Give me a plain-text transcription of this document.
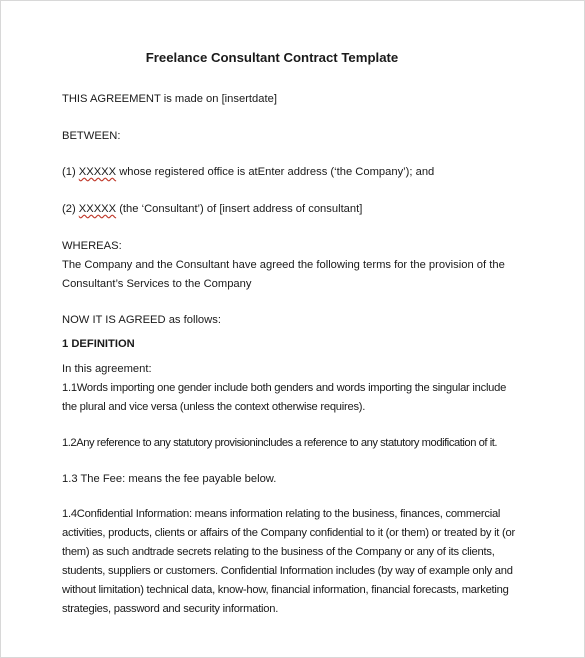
Freelance Consultant Contract Template
THIS AGREEMENT is made on [insertdate]
BETWEEN:
(1) XXXXX whose registered office is atEnter address (‘the Company’); and
(2) XXXXX (the ‘Consultant’) of [insert address of consultant]
WHEREAS:
The Company and the Consultant have agreed the following terms for the provision of the
Consultant’s Services to the Company
NOW IT IS AGREED as follows:
1 DEFINITION
In this agreement:
1.1Words importing one gender include both genders and words importing the singular include
the plural and vice versa (unless the context otherwise requires).
1.2Any reference to any statutory provisionincludes a reference to any statutory modification of it.
1.3 The Fee: means the fee payable below.
1.4Confidential Information: means information relating to the business, finances, commercial
activities, products, clients or affairs of the Company confidential to it (or them) or treated by it (or
them) as such andtrade secrets relating to the business of the Company or any of its clients,
students, suppliers or customers. Confidential Information includes (by way of example only and
without limitation) technical data, know-how, financial information, financial forecasts, marketing
strategies, password and security information.
